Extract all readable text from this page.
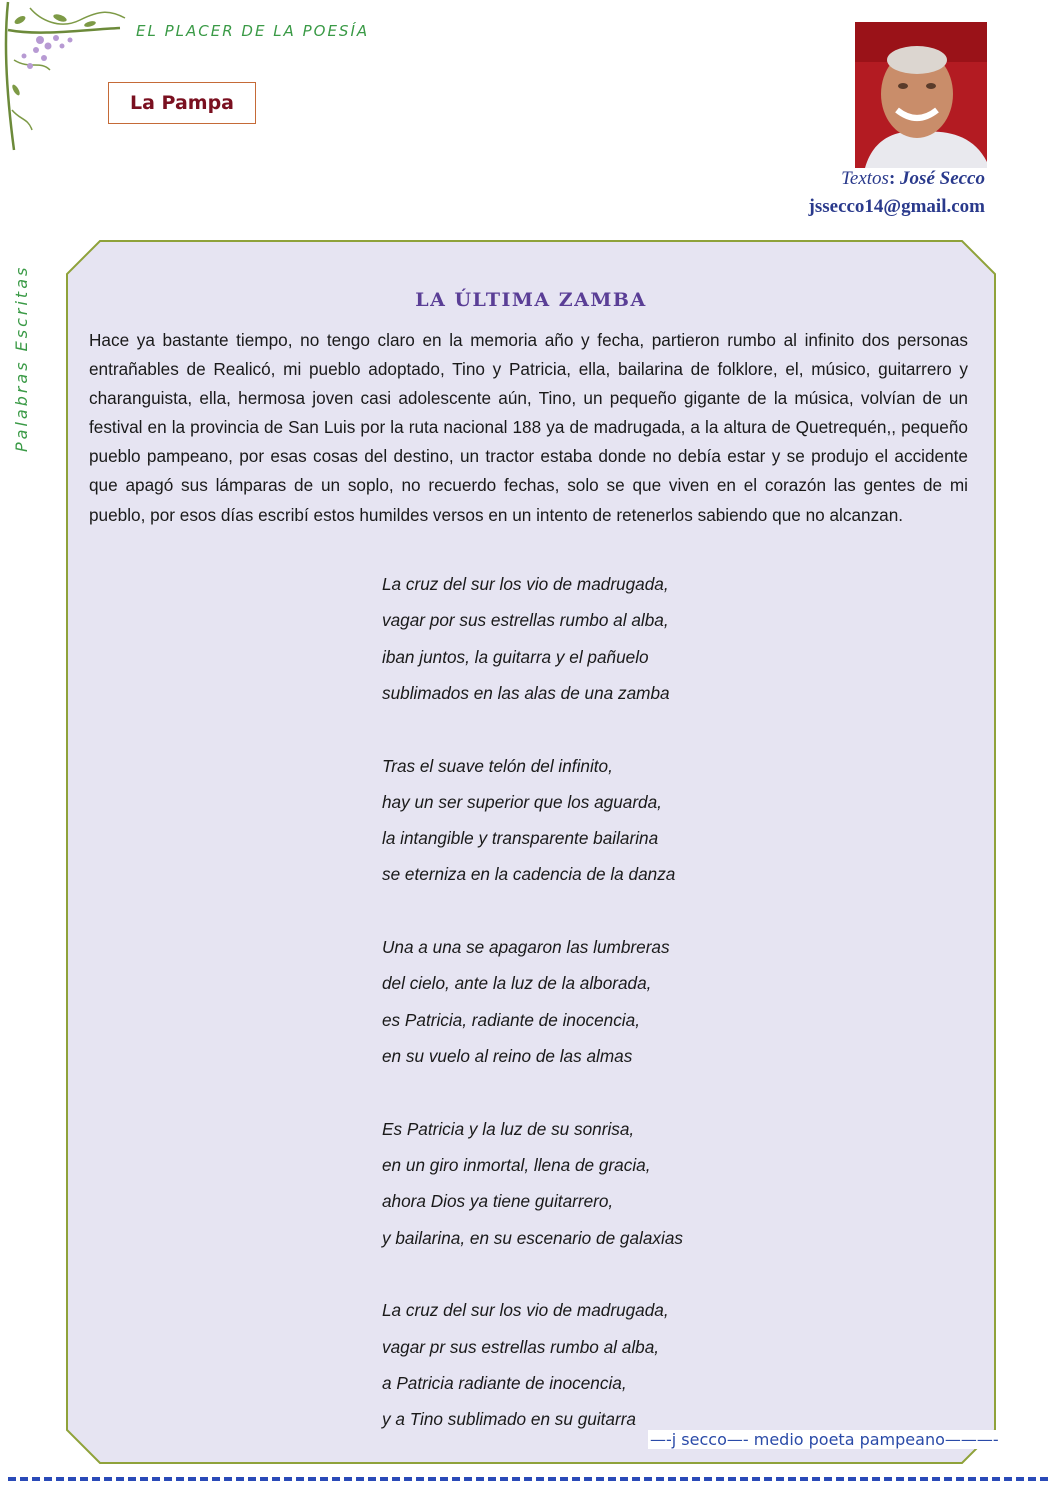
EL PLACER DE LA POESÍA
Palabras Escritas
La Pampa
Textos: José Secco
jssecco14@gmail.com
LA ÚLTIMA ZAMBA

Hace ya bastante tiempo, no tengo claro en la memoria año y fecha, partieron rumbo al infinito dos personas entrañables de Realicó, mi pueblo adoptado, Tino y Patricia, ella, bailarina de folklore, el, músico, guitarrero y charanguista, ella, hermosa joven casi adolescente aún, Tino, un pequeño gigante de la música, volvían de un festival en la provincia de San Luis por la ruta nacional 188 ya de madrugada, a la altura de Quetrequén,, pequeño pueblo pampeano, por esas cosas del destino, un tractor estaba donde no debía estar y se produjo el accidente que apagó sus lámparas de un soplo, no recuerdo fechas, solo se que viven en el corazón las gentes de mi pueblo, por esos días escribí estos humildes versos en un intento de retenerlos sabiendo que no alcanzan.

La cruz del sur los vio de madrugada,

vagar por sus estrellas rumbo al alba,

iban juntos, la guitarra y el pañuelo

sublimados en las alas de una zamba

Tras el suave telón del infinito,

hay un ser superior que los aguarda,

la intangible y transparente bailarina

se eterniza en la cadencia de la danza

Una a una se apagaron las lumbreras

del cielo, ante la luz de la alborada,

es Patricia, radiante de inocencia,

en su vuelo al reino de las almas

Es Patricia y la luz de su sonrisa,

en un giro inmortal, llena de gracia,

ahora Dios ya tiene guitarrero,

y bailarina, en su escenario de galaxias

La cruz del sur los vio de madrugada,

vagar pr sus estrellas rumbo al alba,

a Patricia radiante de inocencia,

y a Tino sublimado en su guitarra

—-j secco—- medio poeta pampeano———-
